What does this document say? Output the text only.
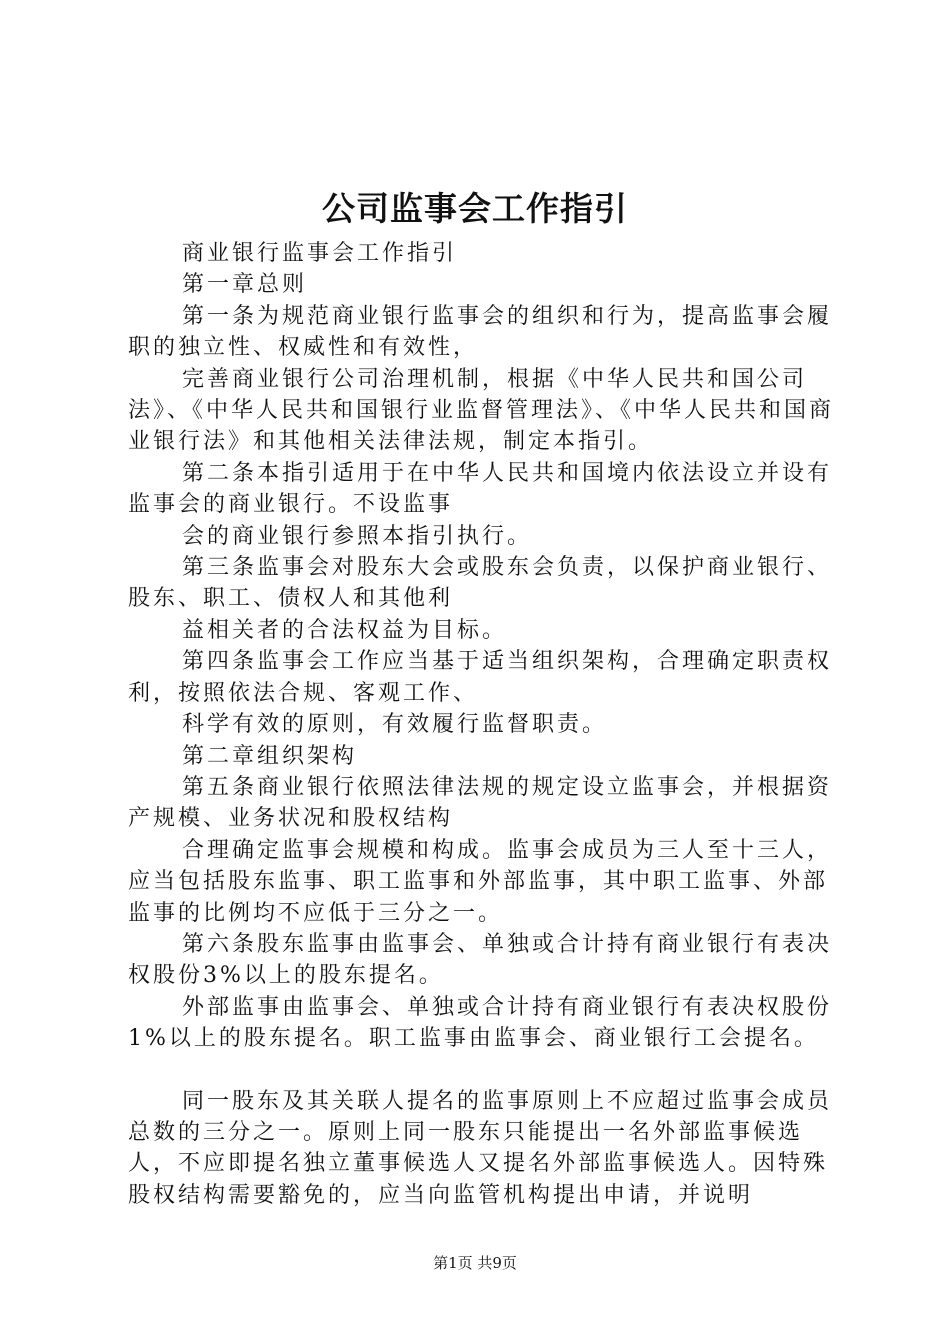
公司监事会工作指引

商业银行监事会工作指引

第一章总则

第一条为规范商业银行监事会的组织和行为，提高监事会履职的独立性、权威性和有效性，

完善商业银行公司治理机制，根据《中华人民共和国公司法》、《中华人民共和国银行业监督管理法》、《中华人民共和国商业银行法》和其他相关法律法规，制定本指引。

第二条本指引适用于在中华人民共和国境内依法设立并设有监事会的商业银行。不设监事

会的商业银行参照本指引执行。

第三条监事会对股东大会或股东会负责，以保护商业银行、股东、职工、债权人和其他利

益相关者的合法权益为目标。

第四条监事会工作应当基于适当组织架构，合理确定职责权利，按照依法合规、客观工作、

科学有效的原则，有效履行监督职责。

第二章组织架构

第五条商业银行依照法律法规的规定设立监事会，并根据资产规模、业务状况和股权结构

合理确定监事会规模和构成。监事会成员为三人至十三人，应当包括股东监事、职工监事和外部监事，其中职工监事、外部监事的比例均不应低于三分之一。

第六条股东监事由监事会、单独或合计持有商业银行有表决权股份3%以上的股东提名。

外部监事由监事会、单独或合计持有商业银行有表决权股份1%以上的股东提名。职工监事由监事会、商业银行工会提名。

同一股东及其关联人提名的监事原则上不应超过监事会成员总数的三分之一。原则上同一股东只能提出一名外部监事候选人，不应即提名独立董事候选人又提名外部监事候选人。因特殊股权结构需要豁免的，应当向监管机构提出申请，并说明

第1页 共9页
